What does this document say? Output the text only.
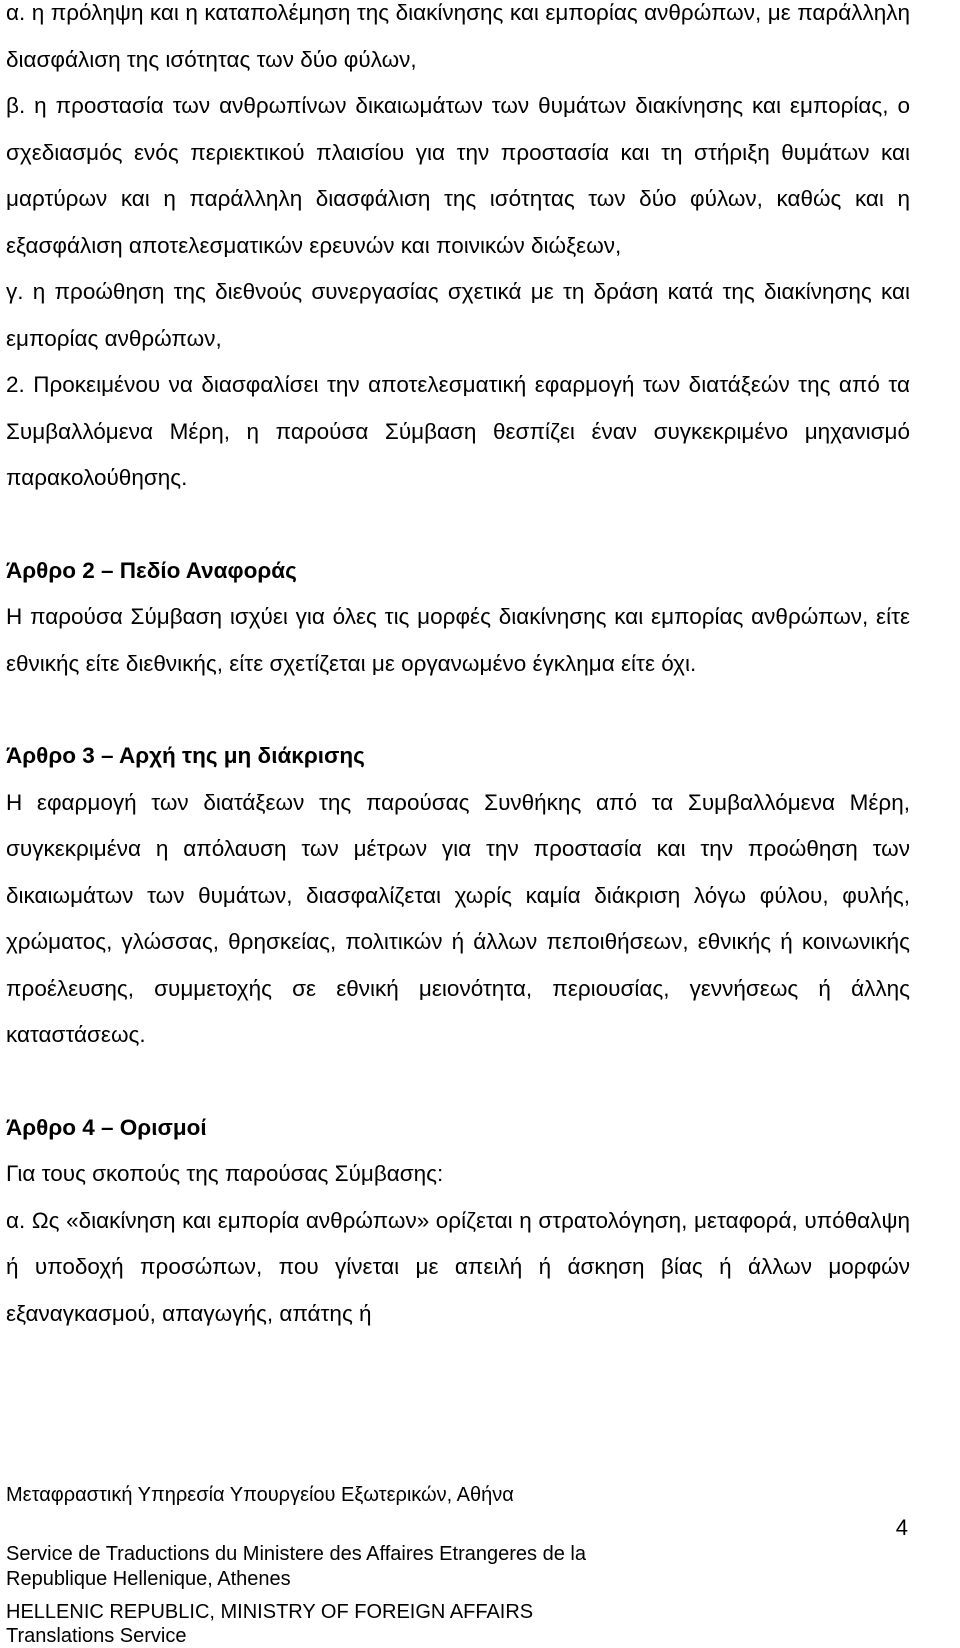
α. η πρόληψη και η καταπολέμηση της διακίνησης και εμπορίας ανθρώπων, με παράλληλη διασφάλιση της ισότητας των δύο φύλων,

β. η προστασία των ανθρωπίνων δικαιωμάτων των θυμάτων διακίνησης και εμπορίας, ο σχεδιασμός ενός περιεκτικού πλαισίου για την προστασία και τη στήριξη θυμάτων και μαρτύρων και η παράλληλη διασφάλιση της ισότητας των δύο φύλων, καθώς και η εξασφάλιση αποτελεσματικών ερευνών και ποινικών διώξεων,

γ. η προώθηση της διεθνούς συνεργασίας σχετικά με τη δράση κατά της διακίνησης και εμπορίας ανθρώπων,

2. Προκειμένου να διασφαλίσει την αποτελεσματική εφαρμογή των διατάξεών της από τα Συμβαλλόμενα Μέρη, η παρούσα Σύμβαση θεσπίζει έναν συγκεκριμένο μηχανισμό παρακολούθησης.

Άρθρο 2 – Πεδίο Αναφοράς

Η παρούσα Σύμβαση ισχύει για όλες τις μορφές διακίνησης και εμπορίας ανθρώπων, είτε εθνικής είτε διεθνικής, είτε σχετίζεται με οργανωμένο έγκλημα είτε όχι.

Άρθρο 3 – Αρχή της μη διάκρισης

Η εφαρμογή των διατάξεων της παρούσας Συνθήκης από τα Συμβαλλόμενα Μέρη, συγκεκριμένα η απόλαυση των μέτρων για την προστασία και την προώθηση των δικαιωμάτων των θυμάτων, διασφαλίζεται χωρίς καμία διάκριση λόγω φύλου, φυλής, χρώματος, γλώσσας, θρησκείας, πολιτικών ή άλλων πεποιθήσεων, εθνικής ή κοινωνικής προέλευσης, συμμετοχής σε εθνική μειονότητα, περιουσίας, γεννήσεως ή άλλης καταστάσεως.

Άρθρο 4 – Ορισμοί

Για τους σκοπούς της παρούσας Σύμβασης:

α. Ως «διακίνηση και εμπορία ανθρώπων» ορίζεται η στρατολόγηση, μεταφορά, υπόθαλψη ή υποδοχή προσώπων, που γίνεται με απειλή ή άσκηση βίας ή άλλων μορφών εξαναγκασμού, απαγωγής, απάτης ή

Μεταφραστική Υπηρεσία Υπουργείου Εξωτερικών, Αθήνα
4
Service de Traductions du Ministere des Affaires Etrangeres de la
Republique Hellenique, Athenes
HELLENIC REPUBLIC, MINISTRY OF FOREIGN AFFAIRS
Translations Service
